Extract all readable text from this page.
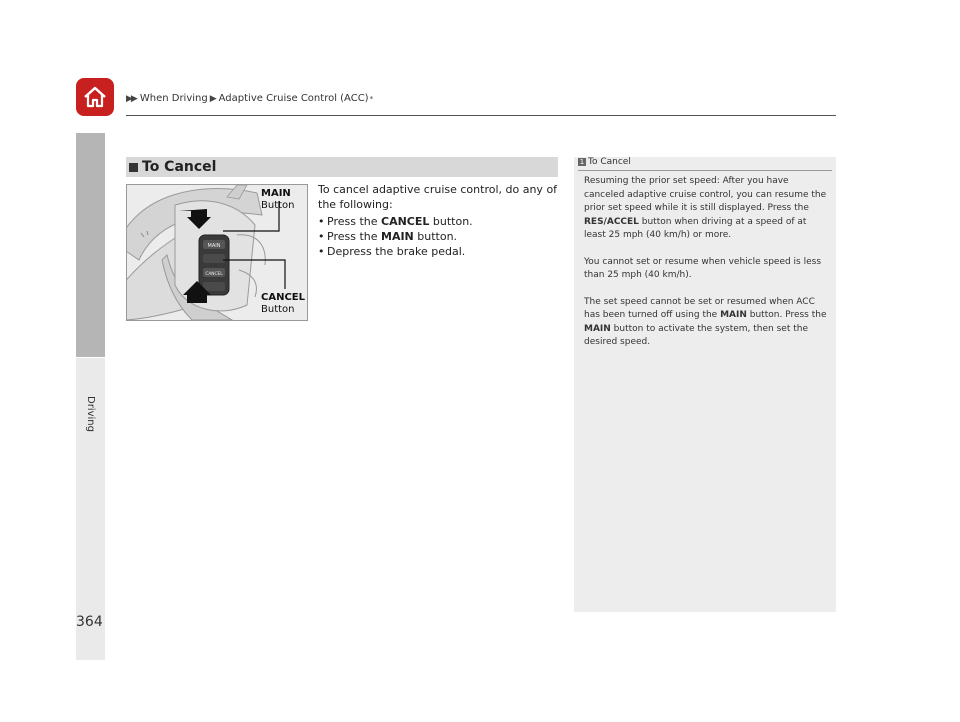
▶▶ When Driving ▶ Adaptive Cruise Control (ACC) *
Driving
364
To Cancel
MAIN
CANCEL
MAIN
Button
CANCEL
Button

To cancel adaptive cruise control, do any of the following:

• Press the CANCEL button.
• Press the MAIN button.
• Depress the brake pedal.
1 To Cancel

Resuming the prior set speed: After you have canceled adaptive cruise control, you can resume the prior set speed while it is still displayed. Press the RES/ACCEL button when driving at a speed of at least 25 mph (40 km/h) or more.

You cannot set or resume when vehicle speed is less than 25 mph (40 km/h).

The set speed cannot be set or resumed when ACC has been turned off using the MAIN button. Press the MAIN button to activate the system, then set the desired speed.
